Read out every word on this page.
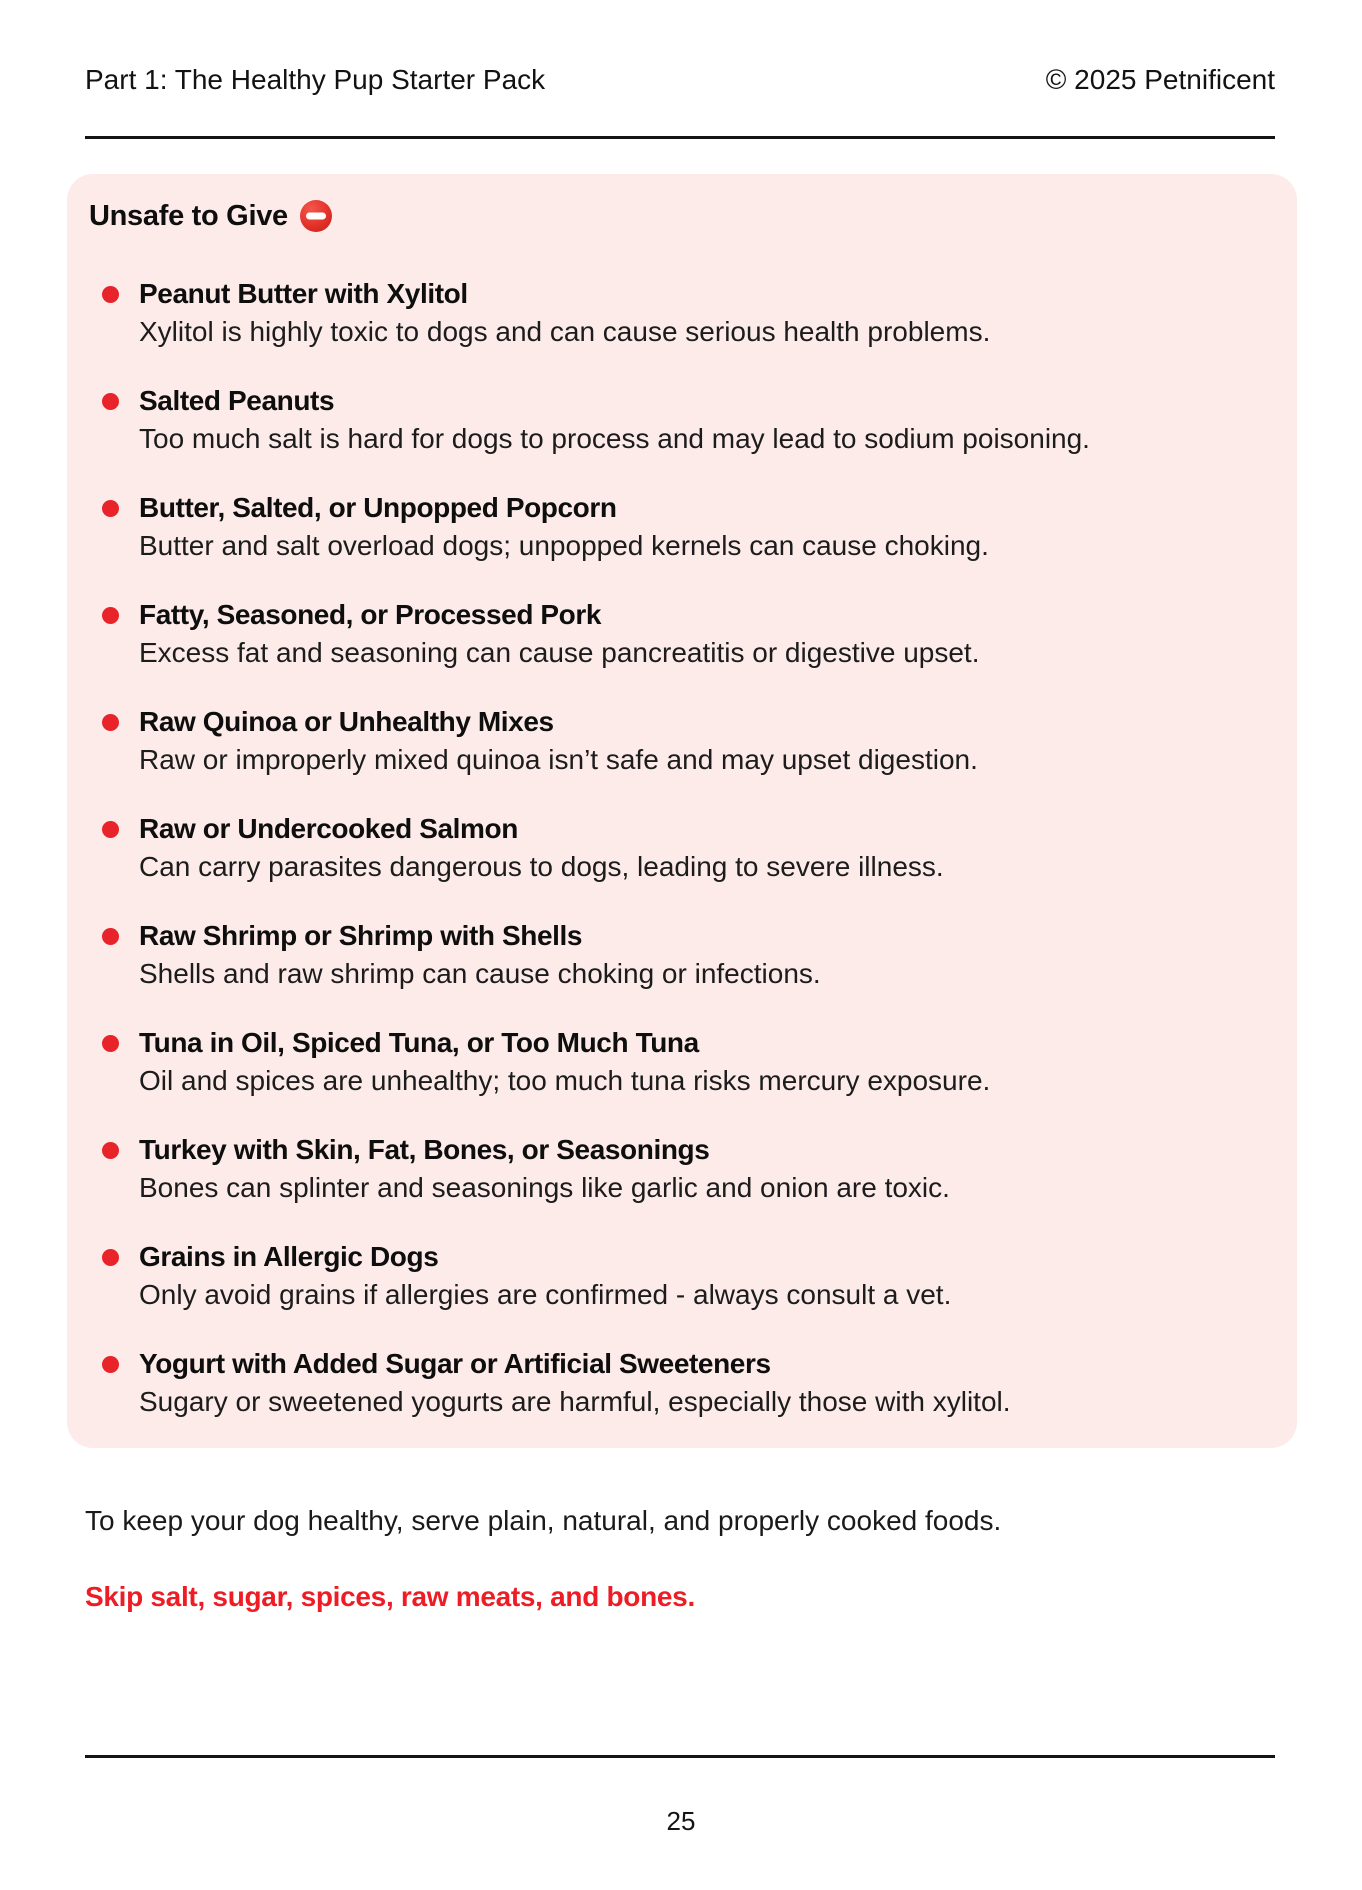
Part 1: The Healthy Pup Starter Pack	© 2025 Petnificent
Unsafe to Give
Peanut Butter with Xylitol
Xylitol is highly toxic to dogs and can cause serious health problems.
Salted Peanuts
Too much salt is hard for dogs to process and may lead to sodium poisoning.
Butter, Salted, or Unpopped Popcorn
Butter and salt overload dogs; unpopped kernels can cause choking.
Fatty, Seasoned, or Processed Pork
Excess fat and seasoning can cause pancreatitis or digestive upset.
Raw Quinoa or Unhealthy Mixes
Raw or improperly mixed quinoa isn’t safe and may upset digestion.
Raw or Undercooked Salmon
Can carry parasites dangerous to dogs, leading to severe illness.
Raw Shrimp or Shrimp with Shells
Shells and raw shrimp can cause choking or infections.
Tuna in Oil, Spiced Tuna, or Too Much Tuna
Oil and spices are unhealthy; too much tuna risks mercury exposure.
Turkey with Skin, Fat, Bones, or Seasonings
Bones can splinter and seasonings like garlic and onion are toxic.
Grains in Allergic Dogs
Only avoid grains if allergies are confirmed - always consult a vet.
Yogurt with Added Sugar or Artificial Sweeteners
Sugary or sweetened yogurts are harmful, especially those with xylitol.

To keep your dog healthy, serve plain, natural, and properly cooked foods.

Skip salt, sugar, spices, raw meats, and bones.

25
